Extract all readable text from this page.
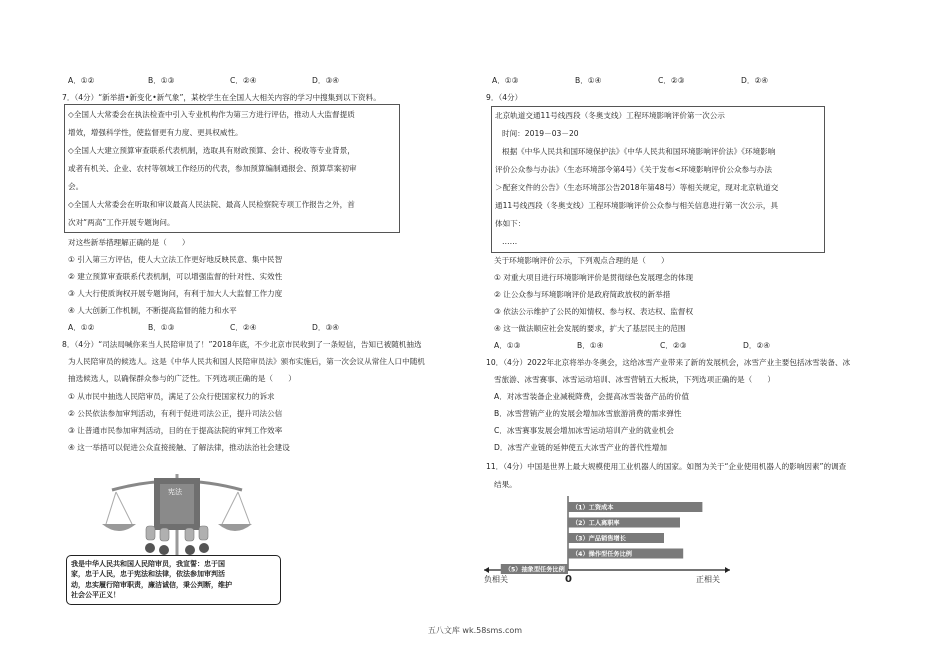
A．①②	B．①③	C．②④	D．③④
7．（4分）“新举措•新变化•新气象”，某校学生在全国人大相关内容的学习中搜集到以下资料。
◇全国人大常委会在执法检查中引入专业机构作为第三方进行评估，推动人大监督提质
增效，增强科学性，使监督更有力度、更具权威性。
◇全国人大建立预算审查联系代表机制，选取具有财政预算、会计、税收等专业背景，
或者有机关、企业、农村等领域工作经历的代表，参加预算编制通报会、预算草案初审
会。
◇全国人大常委会在听取和审议最高人民法院、最高人民检察院专项工作报告之外，首
次对“两高”工作开展专题询问。
对这些新举措理解正确的是（　　）
① 引入第三方评估，使人大立法工作更好地反映民意、集中民智
② 建立预算审查联系代表机制，可以增强监督的针对性、实效性
③ 人大行使质询权开展专题询问，有利于加大人大监督工作力度
④ 人大创新工作机制，不断提高监督的能力和水平
A．①②	B．①③	C．②④	D．③④
8．（4分）“司法局喊你来当人民陪审员了！”2018年底，不少北京市民收到了一条短信，告知已被随机抽选
为人民陪审员的候选人。这是《中华人民共和国人民陪审员法》颁布实施后，第一次会议从常住人口中随机
抽选候选人，以确保群众参与的广泛性。下列选项正确的是（　　）
① 从市民中抽选人民陪审员，满足了公众行使国家权力的诉求
② 公民依法参加审判活动，有利于促进司法公正，提升司法公信
③ 让普通市民参加审判活动，目的在于提高法院的审判工作效率
④ 这一举措可以促进公众直接接触、了解法律，推动法治社会建设
宪法
我是中华人民共和国人民陪审员，我宣誓：忠于国
家，忠于人民，忠于宪法和法律，依法参加审判活
动，忠实履行陪审职责，廉洁诚信，秉公判断，维护
社会公平正义！
A．①③	B．①④	C．②③	D．②④
9．（4分）
北京轨道交通11号线西段（冬奥支线）工程环境影响评价第一次公示
时间：2019－03－20
根据《中华人民共和国环境保护法》《中华人民共和国环境影响评价法》《环境影响
评价公众参与办法》（生态环境部令第4号）《关于发布<环境影响评价公众参与办法
＞配套文件的公告》（生态环境部公告2018年第48号）等相关规定，现对北京轨道交
通11号线西段（冬奥支线）工程环境影响评价公众参与相关信息进行第一次公示，具
体如下：
……
关于环境影响评价公示，下列观点合理的是（　　）
① 对重大项目进行环境影响评价是贯彻绿色发展理念的体现
② 让公众参与环境影响评价是政府简政放权的新举措
③ 依法公示维护了公民的知情权、参与权、表达权、监督权
④ 这一做法顺应社会发展的要求，扩大了基层民主的范围
A．①③	B．①④	C．②③	D．②④
10．（4分）2022年北京将举办冬奥会，这给冰雪产业带来了新的发展机会，冰雪产业主要包括冰雪装备、冰
雪旅游、冰雪赛事、冰雪运动培训、冰雪营销五大板块，下列选项正确的是（　　）
A．对冰雪装备企业减税降费，会提高冰雪装备产品的价值
B．冰雪营销产业的发展会增加冰雪旅游消费的需求弹性
C．冰雪赛事发展会增加冰雪运动培训产业的就业机会
D．冰雪产业链的延伸使五大冰雪产业的普代性增加
11．（4分）中国是世界上最大规模使用工业机器人的国家。如图为关于“企业使用机器人的影响因素”的调查
结果。
（1）工资成本
（2）工人离职率
（3）产品销售增长
（4）操作型任务比例
（5）抽象型任务比例
0
负相关	正相关
五八文库 wk.58sms.com
